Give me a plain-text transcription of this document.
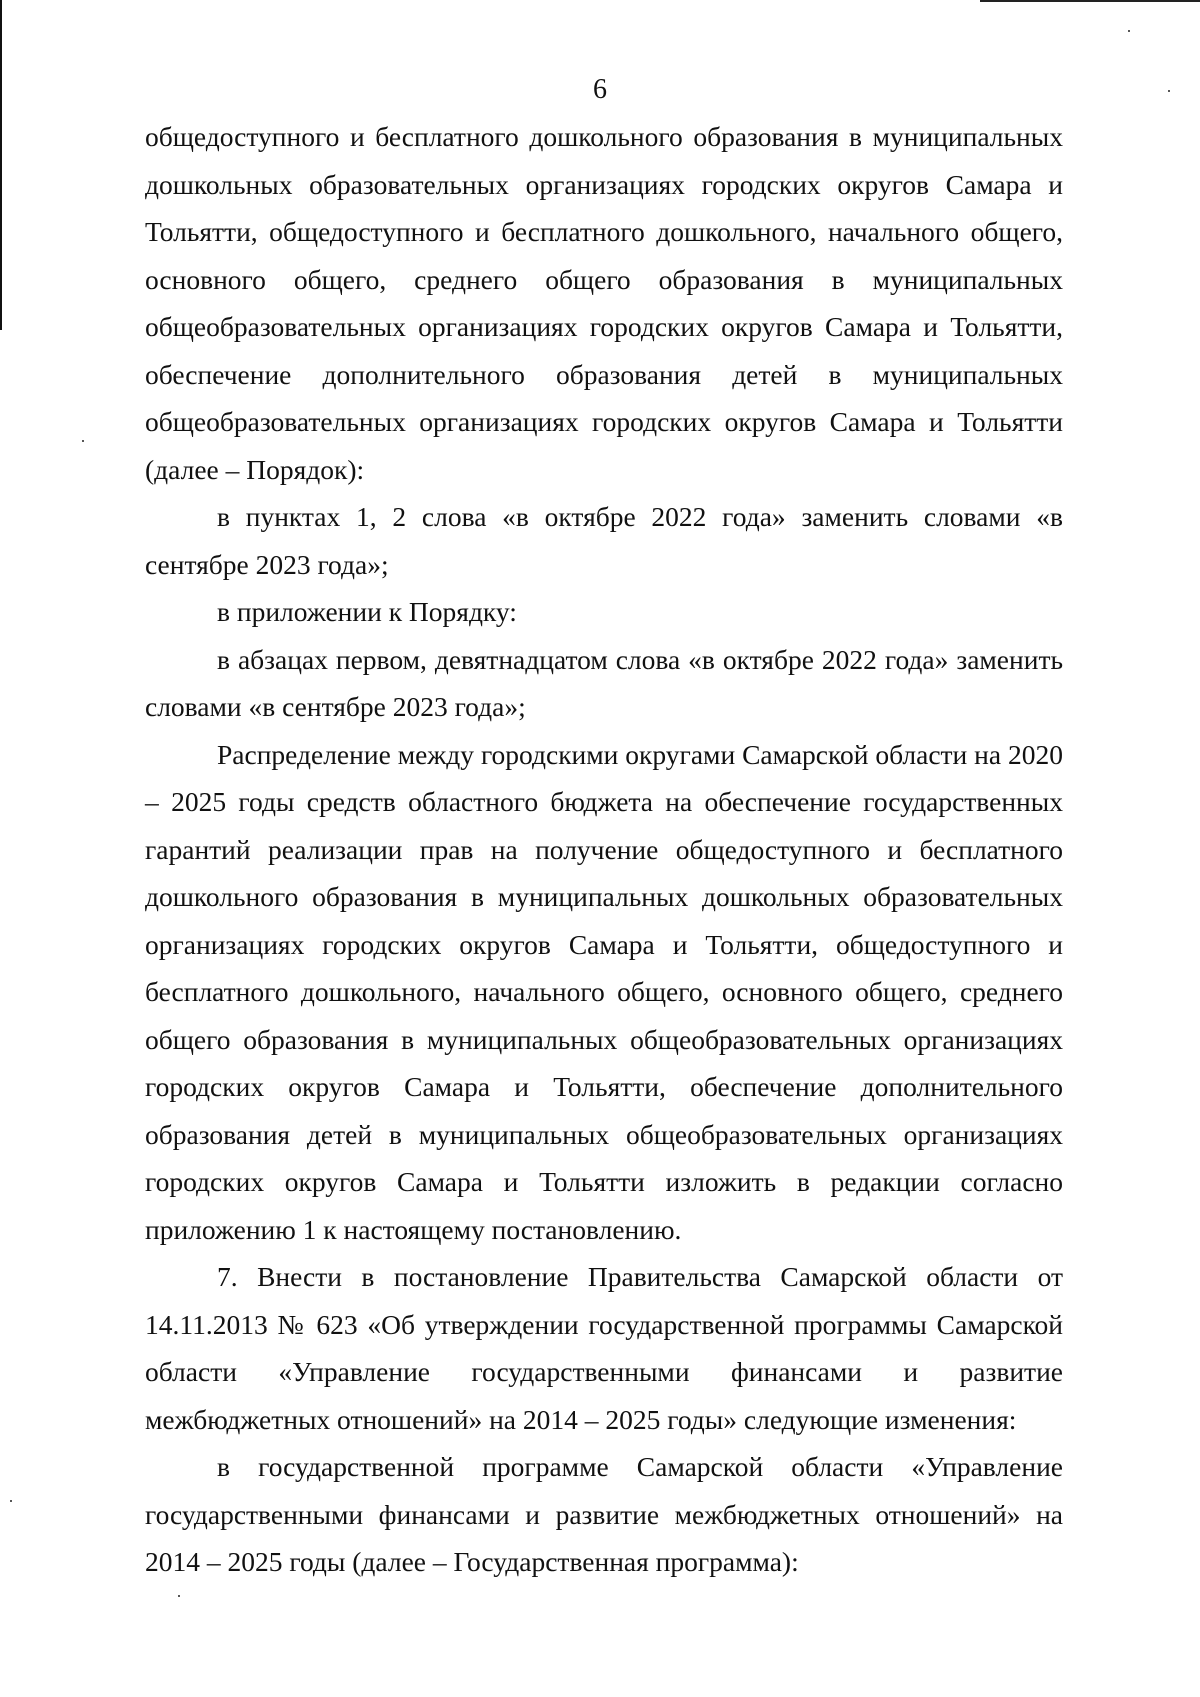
6

общедоступного и бесплатного дошкольного образования в муниципальных дошкольных образовательных организациях городских округов Самара и Тольятти, общедоступного и бесплатного дошкольного, начального общего, основного общего, среднего общего образования в муниципальных общеобразовательных организациях городских округов Самара и Тольятти, обеспечение дополнительного образования детей в муниципальных общеобразовательных организациях городских округов Самара и Тольятти (далее – Порядок):

в пунктах 1, 2 слова «в октябре 2022 года» заменить словами «в сентябре 2023 года»;

в приложении к Порядку:

в абзацах первом, девятнадцатом слова «в октябре 2022 года» заменить словами «в сентябре 2023 года»;

Распределение между городскими округами Самарской области на 2020 – 2025 годы средств областного бюджета на обеспечение государственных гарантий реализации прав на получение общедоступного и бесплатного дошкольного образования в муниципальных дошкольных образовательных организациях городских округов Самара и Тольятти, общедоступного и бесплатного дошкольного, начального общего, основного общего, среднего общего образования в муниципальных общеобразовательных организациях городских округов Самара и Тольятти, обеспечение дополнительного образования детей в муниципальных общеобразовательных организациях городских округов Самара и Тольятти изложить в редакции согласно приложению 1 к настоящему постановлению.

7. Внести в постановление Правительства Самарской области от 14.11.2013 № 623 «Об утверждении государственной программы Самарской области «Управление государственными финансами и развитие межбюджетных отношений» на 2014 – 2025 годы» следующие изменения:

в государственной программе Самарской области «Управление государственными финансами и развитие межбюджетных отношений» на 2014 – 2025 годы (далее – Государственная программа):
